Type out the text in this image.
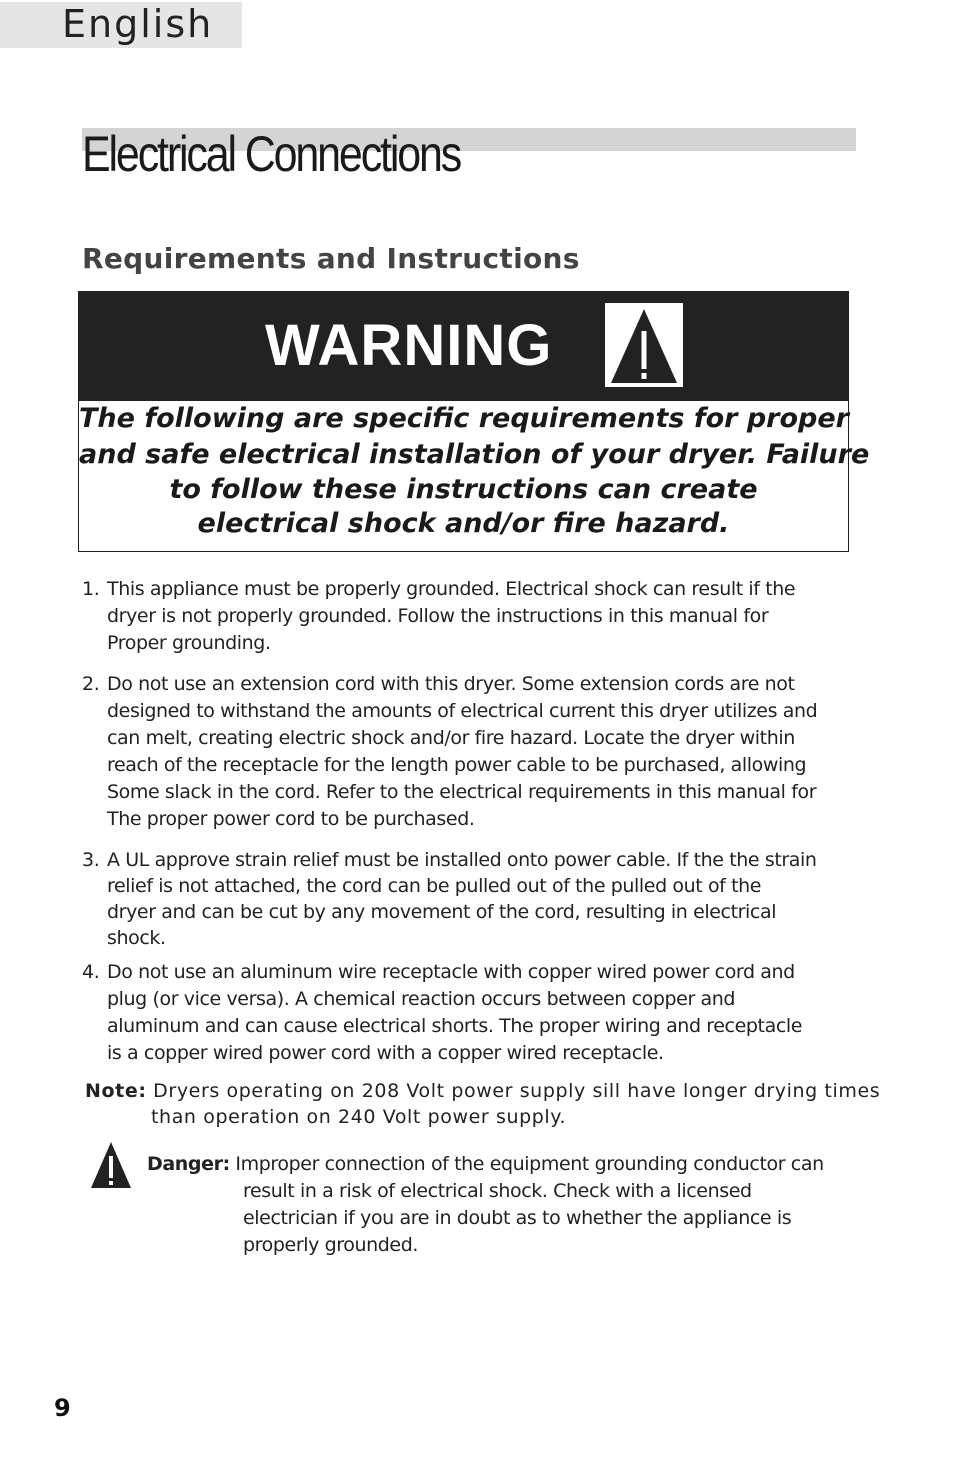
English
Electrical Connections
Requirements and Instructions
WARNING
The following are specific requirements for proper
and safe electrical installation of your dryer. Failure
to follow these instructions can create
electrical shock and/or fire hazard.
1. This appliance must be properly grounded. Electrical shock can result if the
dryer is not properly grounded. Follow the instructions in this manual for
Proper grounding.
2. Do not use an extension cord with this dryer. Some extension cords are not
designed to withstand the amounts of electrical current this dryer utilizes and
can melt, creating electric shock and/or fire hazard. Locate the dryer within
reach of the receptacle for the length power cable to be purchased, allowing
Some slack in the cord. Refer to the electrical requirements in this manual for
The proper power cord to be purchased.
3. A UL approve strain relief must be installed onto power cable. If the the strain
relief is not attached, the cord can be pulled out of the pulled out of the
dryer and can be cut by any movement of the cord, resulting in electrical
shock.
4. Do not use an aluminum wire receptacle with copper wired power cord and
plug (or vice versa). A chemical reaction occurs between copper and
aluminum and can cause electrical shorts. The proper wiring and receptacle
is a copper wired power cord with a copper wired receptacle.
Note: Dryers operating on 208 Volt power supply sill have longer drying times
than operation on 240 Volt power supply.
Danger: Improper connection of the equipment grounding conductor can
result in a risk of electrical shock. Check with a licensed
electrician if you are in doubt as to whether the appliance is
properly grounded.
9
